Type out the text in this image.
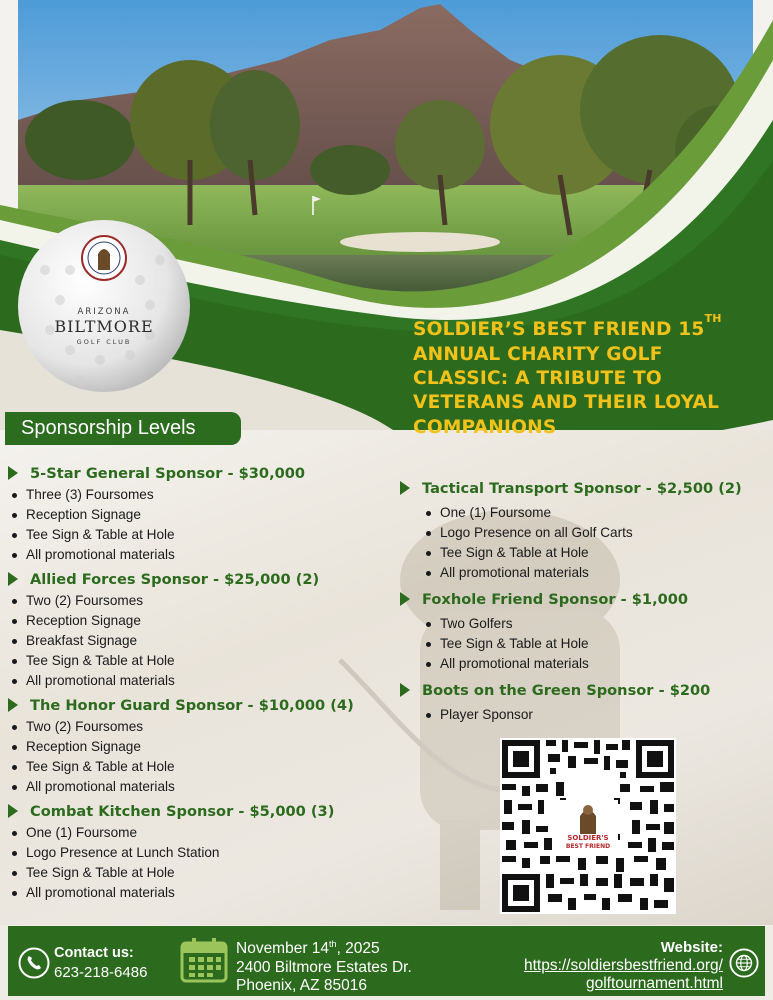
ARIZONA
BILTMORE
GOLF CLUB
SOLDIER’S BEST FRIEND 15TH ANNUAL CHARITY GOLF CLASSIC: A TRIBUTE TO VETERANS AND THEIR LOYAL COMPANIONS
Sponsorship Levels
5-Star General Sponsor - $30,000
Three (3) Foursomes
Reception Signage
Tee Sign & Table at Hole
All promotional materials
Allied Forces Sponsor - $25,000 (2)
Two (2) Foursomes
Reception Signage
Breakfast Signage
Tee Sign & Table at Hole
All promotional materials
The Honor Guard Sponsor - $10,000 (4)
Two (2) Foursomes
Reception Signage
Tee Sign & Table at Hole
All promotional materials
Combat Kitchen Sponsor - $5,000 (3)
One (1) Foursome
Logo Presence at Lunch Station
Tee Sign & Table at Hole
All promotional materials
Tactical Transport Sponsor - $2,500 (2)
One (1) Foursome
Logo Presence on all Golf Carts
Tee Sign & Table at Hole
All promotional materials
Foxhole Friend Sponsor - $1,000
Two Golfers
Tee Sign & Table at Hole
All promotional materials
Boots on the Green Sponsor - $200
Player Sponsor
SOLDIER'S
BEST FRIEND
Contact us:
623-218-6486
November 14th, 2025
2400 Biltmore Estates Dr.
Phoenix, AZ 85016
Website:
https://soldiersbestfriend.org/
golftournament.html
